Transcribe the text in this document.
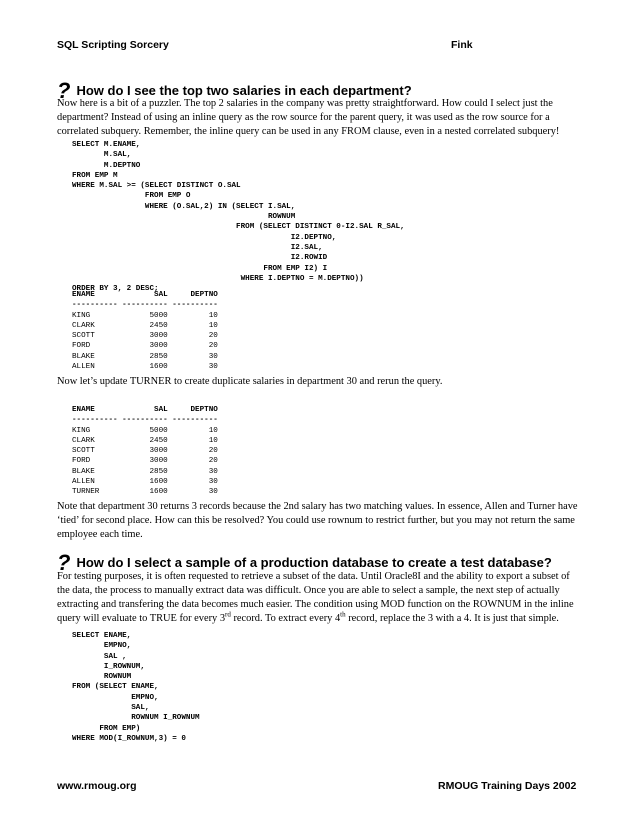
SQL Scripting Sorcery	Fink
? How do I see the top two salaries in each department?

Now here is a bit of a puzzler. The top 2 salaries in the company was pretty straightforward. How could I select just the department? Instead of using an inline query as the row source for the parent query, it was used as the row source for a correlated subquery. Remember, the inline query can be used in any FROM clause, even in a nested correlated subquery!

SELECT M.ENAME,
M.SAL,
M.DEPTNO
FROM EMP M
WHERE M.SAL >= (SELECT DISTINCT O.SAL
FROM EMP O
WHERE (O.SAL,2) IN (SELECT I.SAL,
ROWNUM
FROM (SELECT DISTINCT 0-I2.SAL R_SAL,
I2.DEPTNO,
I2.SAL,
I2.ROWID
FROM EMP I2) I
WHERE I.DEPTNO = M.DEPTNO))
ORDER BY 3, 2 DESC;
ENAME             SAL     DEPTNO
---------- ---------- ----------
KING             5000         10
CLARK            2450         10
SCOTT            3000         20
FORD             3000         20
BLAKE            2850         30
ALLEN            1600         30

Now let’s update TURNER to create duplicate salaries in department 30 and rerun the query.

ENAME             SAL     DEPTNO
---------- ---------- ----------
KING             5000         10
CLARK            2450         10
SCOTT            3000         20
FORD             3000         20
BLAKE            2850         30
ALLEN            1600         30
TURNER           1600         30

Note that department 30 returns 3 records because the 2nd salary has two matching values. In essence, Allen and Turner have ‘tied’ for second place. How can this be resolved? You could use rownum to restrict further, but you may not return the same employee each time.

? How do I select a sample of a production database to create a test database?

For testing purposes, it is often requested to retrieve a subset of the data. Until Oracle8I and the ability to export a subset of the data, the process to manually extract data was difficult. Once you are able to select a sample, the next step of actually extracting and transfering the data becomes much easier. The condition using MOD function on the ROWNUM in the inline query will evaluate to TRUE for every 3rd record. To extract every 4th record, replace the 3 with a 4. It is just that simple.

SELECT ENAME,
EMPNO,
SAL ,
I_ROWNUM,
ROWNUM
FROM (SELECT ENAME,
EMPNO,
SAL,
ROWNUM I_ROWNUM
FROM EMP)
WHERE MOD(I_ROWNUM,3) = 0
www.rmoug.org	RMOUG Training Days 2002
